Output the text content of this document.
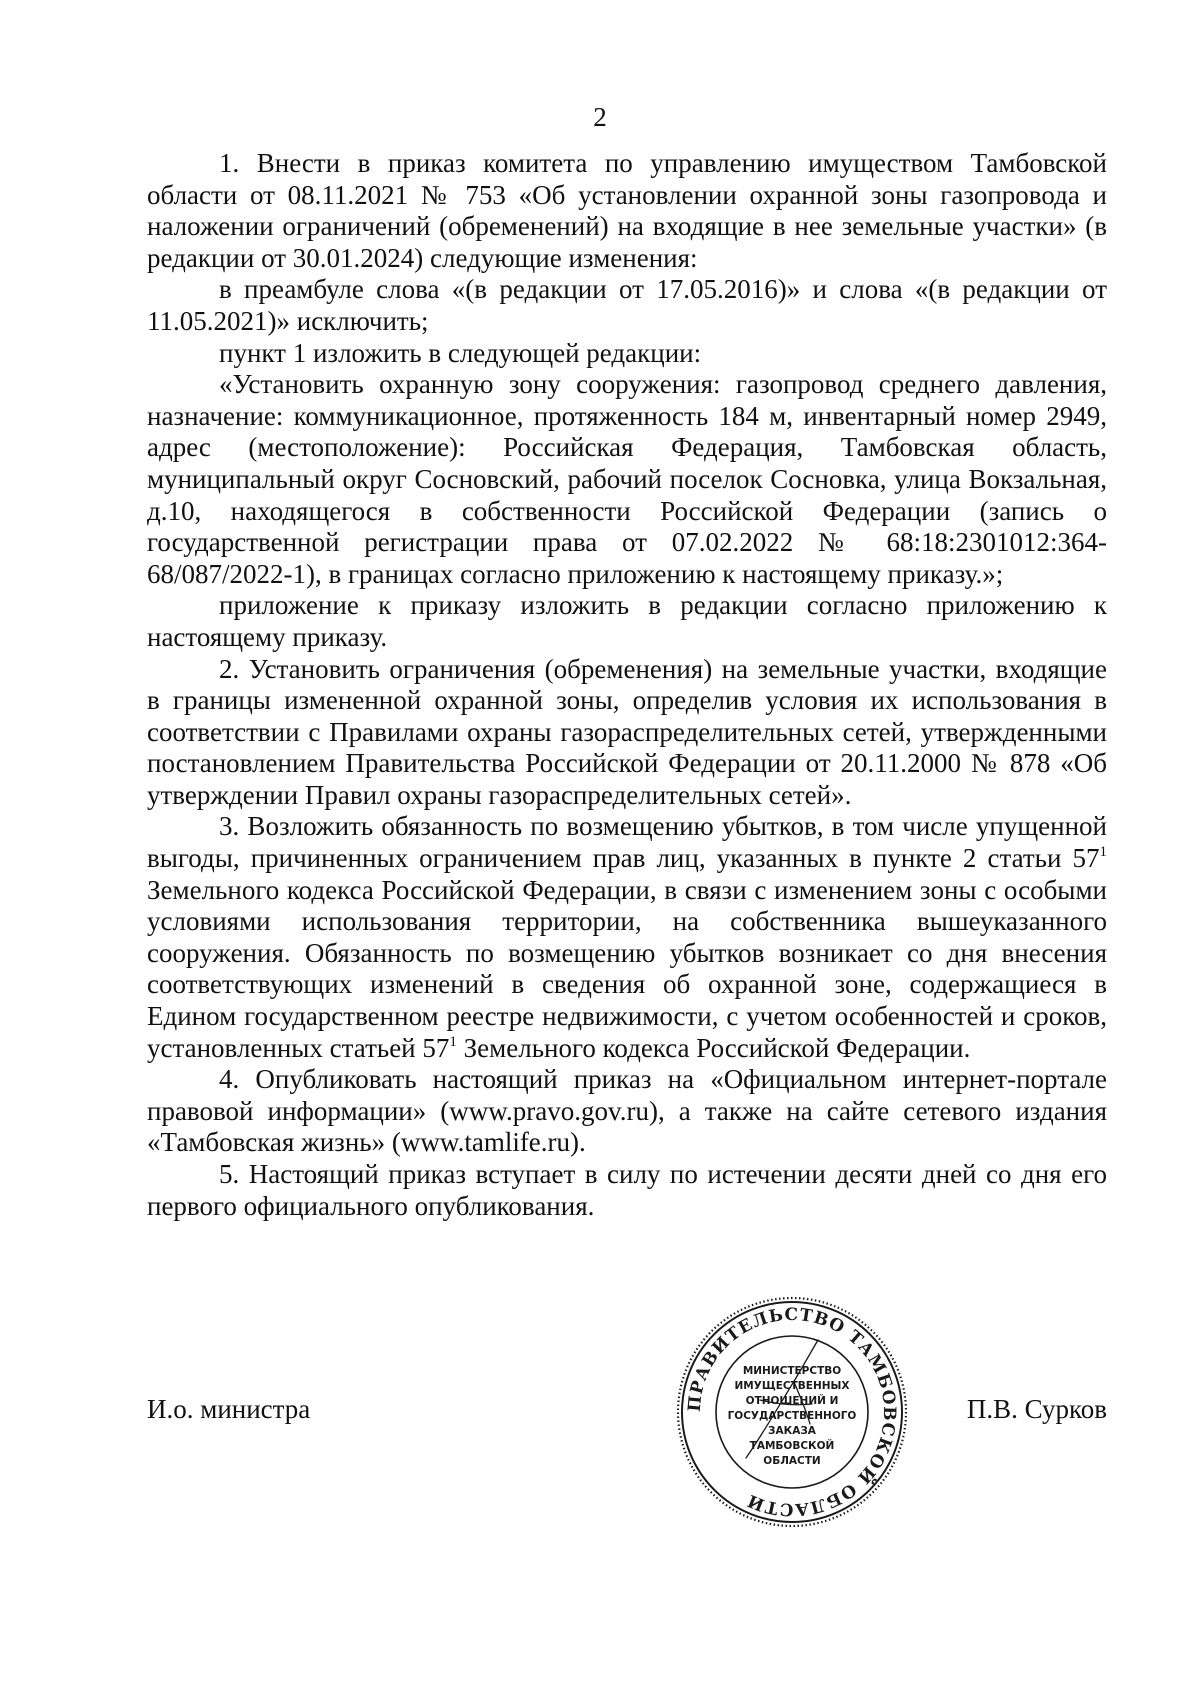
2

1. Внести в приказ комитета по управлению имуществом Тамбовской области от 08.11.2021 № 753 «Об установлении охранной зоны газопровода и наложении ограничений (обременений) на входящие в нее земельные участки» (в редакции от 30.01.2024) следующие изменения:

в преамбуле слова «(в редакции от 17.05.2016)» и слова «(в редакции от 11.05.2021)» исключить;

пункт 1 изложить в следующей редакции:

«Установить охранную зону сооружения: газопровод среднего давления, назначение: коммуникационное, протяженность 184 м, инвентарный номер 2949, адрес (местоположение): Российская Федерация, Тамбовская область, муниципальный округ Сосновский, рабочий поселок Сосновка, улица Вокзальная, д.10, находящегося в собственности Российской Федерации (запись о государственной регистрации права от 07.02.2022 № 68:18:2301012:364-68/087/2022-1), в границах согласно приложению к настоящему приказу.»;

приложение к приказу изложить в редакции согласно приложению к настоящему приказу.

2. Установить ограничения (обременения) на земельные участки, входящие в границы измененной охранной зоны, определив условия их использования в соответствии с Правилами охраны газораспределительных сетей, утвержденными постановлением Правительства Российской Федерации от 20.11.2000 № 878 «Об утверждении Правил охраны газораспределительных сетей».

3. Возложить обязанность по возмещению убытков, в том числе упущенной выгоды, причиненных ограничением прав лиц, указанных в пункте 2 статьи $57^1$ Земельного кодекса Российской Федерации, в связи с изменением зоны с особыми условиями использования территории, на собственника вышеуказанного сооружения. Обязанность по возмещению убытков возникает со дня внесения соответствующих изменений в сведения об охранной зоне, содержащиеся в Едином государственном реестре недвижимости, с учетом особенностей и сроков, установленных статьей $57^1$ Земельного кодекса Российской Федерации.

4. Опубликовать настоящий приказ на «Официальном интернет-портале правовой информации» (www.pravo.gov.ru), а также на сайте сетевого издания «Тамбовская жизнь» (www.tamlife.ru).

5. Настоящий приказ вступает в силу по истечении десяти дней со дня его первого официального опубликования.

И.о. министра	П.В. Сурков
ПРАВИТЕЛЬСТВО ТАМБОВСКОЙ ОБЛАСТИ
МИНИСТЕРСТВО
ИМУЩЕСТВЕННЫХ
ОТНОШЕНИЙ И
ГОСУДАРСТВЕННОГО
ЗАКАЗА
ТАМБОВСКОЙ
ОБЛАСТИ
